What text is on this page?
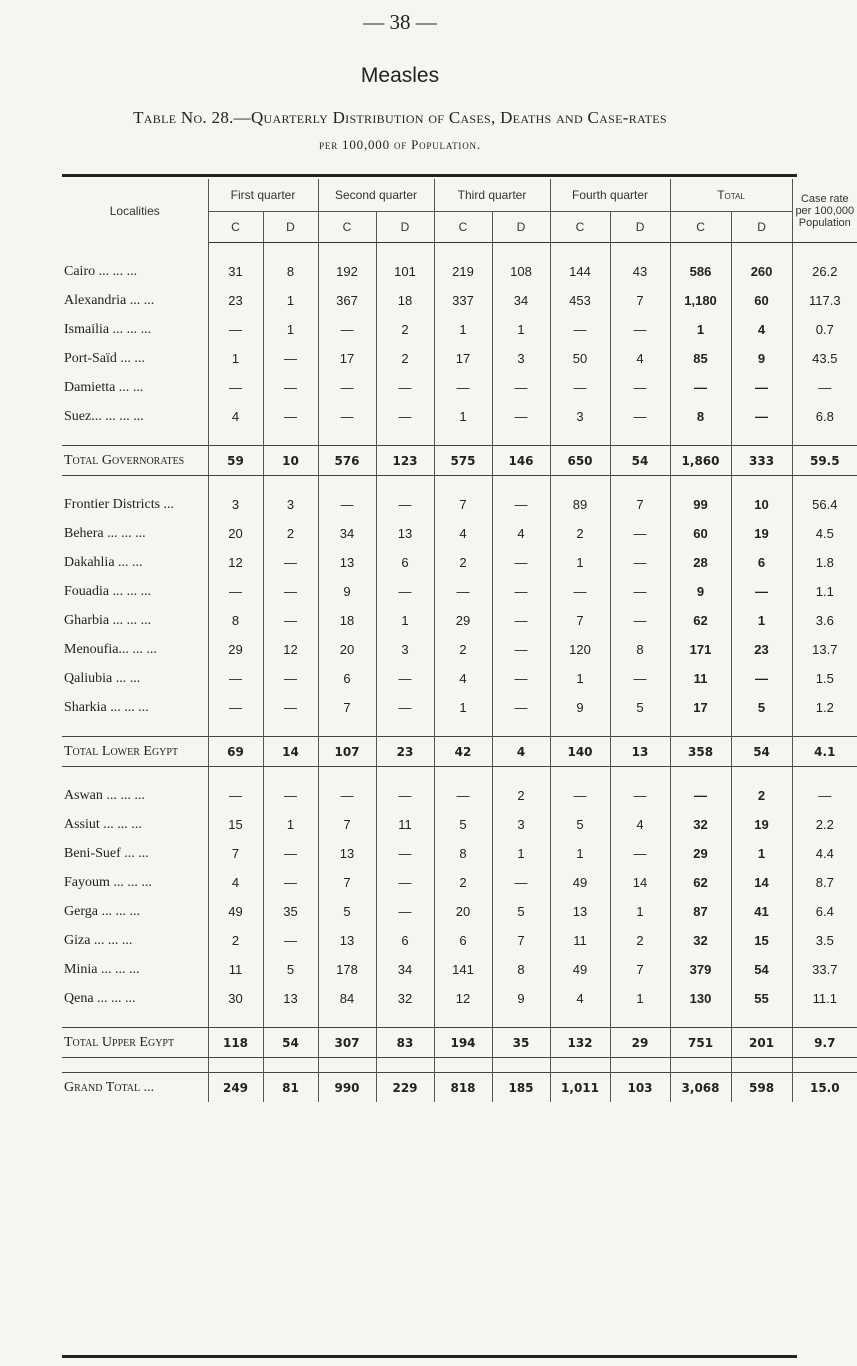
— 38 —
Measles
Table No. 28.—Quarterly Distribution of Cases, Deaths and Case-rates
per 100,000 of Population.
Localities	First quarter		Second quarter		Third quarter		Fourth quarter		Total		Case rate per 100,000 Population
	C	D	C	D	C	D	C	D	C	D	

Cairo ... ... ...	31	8	192	101	219	108	144	43	586	260	26.2
Alexandria ... ...	23	1	367	18	337	34	453	7	1,180	60	117.3
Ismailia ... ... ...	—	1	—	2	1	1	—	—	1	4	0.7
Port-Saïd ... ...	1	—	17	2	17	3	50	4	85	9	43.5
Damietta ... ...	—	—	—	—	—	—	—	—	—	—	—
Suez... ... ... ...	4	—	—	—	1	—	3	—	8	—	6.8

Total Governorates	59	10	576	123	575	146	650	54	1,860	333	59.5

Frontier Districts ...	3	3	—	—	7	—	89	7	99	10	56.4
Behera ... ... ...	20	2	34	13	4	4	2	—	60	19	4.5
Dakahlia ... ...	12	—	13	6	2	—	1	—	28	6	1.8
Fouadia ... ... ...	—	—	9	—	—	—	—	—	9	—	1.1
Gharbia ... ... ...	8	—	18	1	29	—	7	—	62	1	3.6
Menoufia... ... ...	29	12	20	3	2	—	120	8	171	23	13.7
Qaliubia ... ...	—	—	6	—	4	—	1	—	11	—	1.5
Sharkia ... ... ...	—	—	7	—	1	—	9	5	17	5	1.2

Total Lower Egypt	69	14	107	23	42	4	140	13	358	54	4.1

Aswan ... ... ...	—	—	—	—	—	2	—	—	—	2	—
Assiut ... ... ...	15	1	7	11	5	3	5	4	32	19	2.2
Beni-Suef ... ...	7	—	13	—	8	1	1	—	29	1	4.4
Fayoum ... ... ...	4	—	7	—	2	—	49	14	62	14	8.7
Gerga ... ... ...	49	35	5	—	20	5	13	1	87	41	6.4
Giza ... ... ...	2	—	13	6	6	7	11	2	32	15	3.5
Minia ... ... ...	11	5	178	34	141	8	49	7	379	54	33.7
Qena ... ... ...	30	13	84	32	12	9	4	1	130	55	11.1

Total Upper Egypt	118	54	307	83	194	35	132	29	751	201	9.7

Grand Total ...	249	81	990	229	818	185	1,011	103	3,068	598	15.0
